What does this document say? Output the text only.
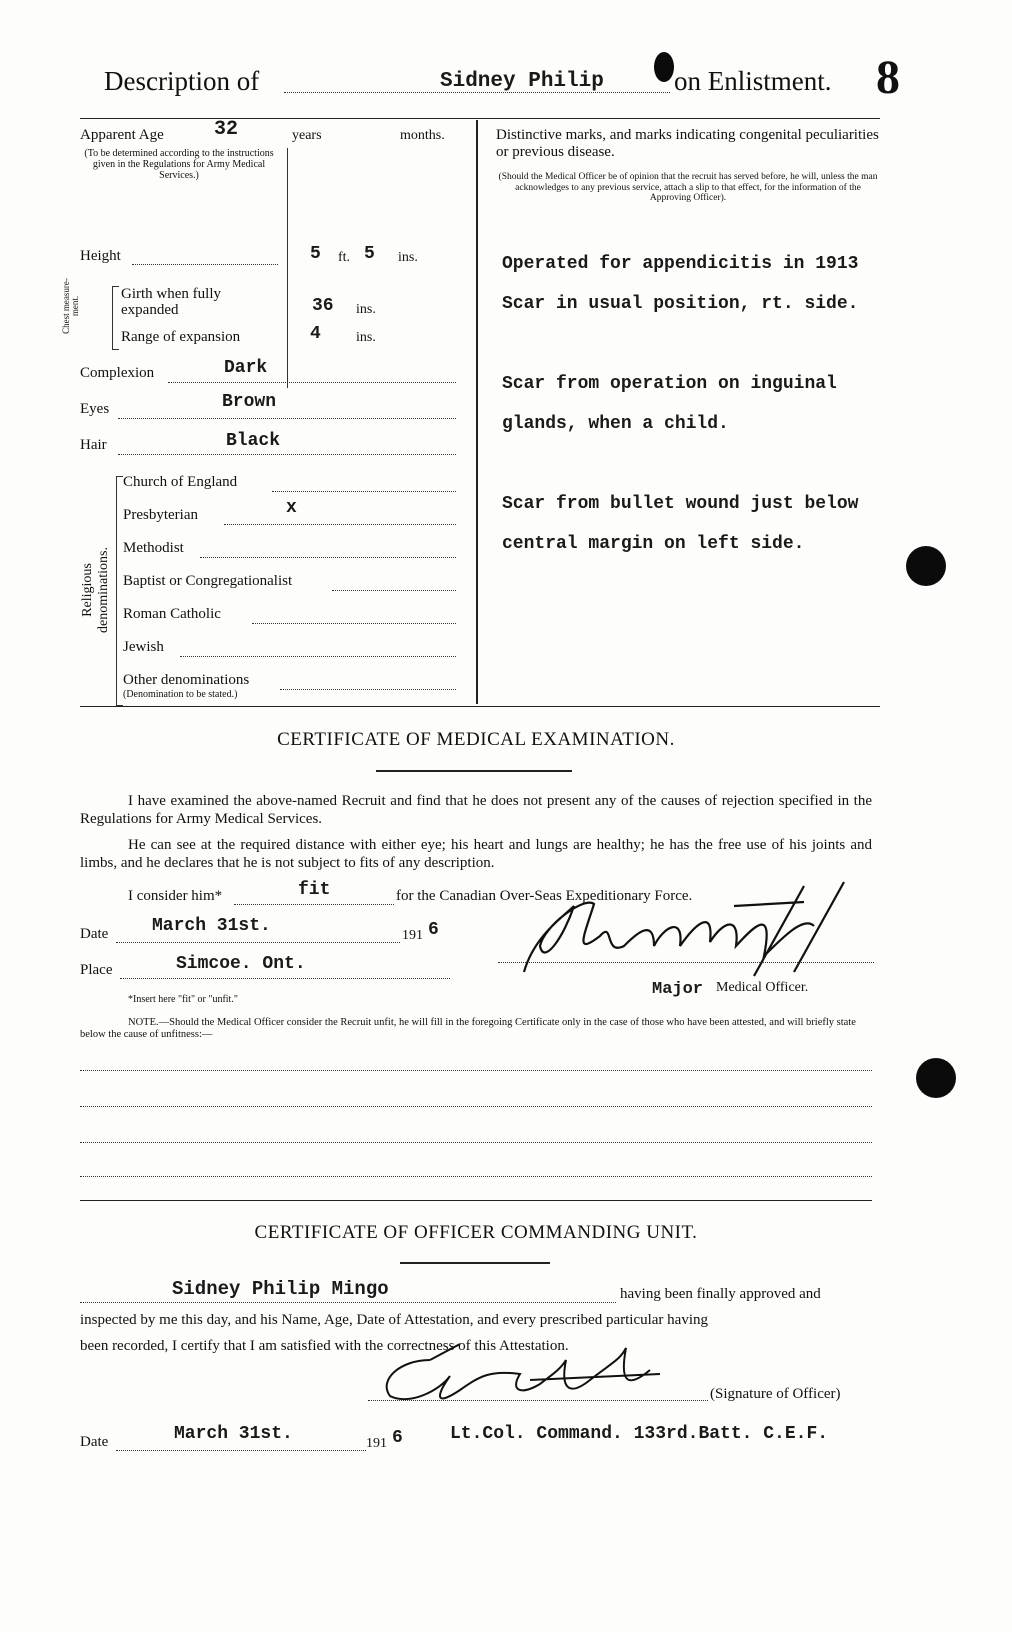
Description of	Sidney Philip	on Enlistment. 8
Apparent Age	32	years	months.
(To be determined according to the instructions given in the Regulations for Army Medical Services.)
Height	5 ft. 5 ins.
Chest measure-ment.
Girth when fully expanded	36 ins.
Range of expansion	4	ins.
Complexion	Dark
Eyes	Brown
Hair	Black
Religious denominations.
Church of England
Presbyterian	x
Methodist
Baptist or Congregationalist
Roman Catholic
Jewish
Other denominations
(Denomination to be stated.)
Distinctive marks, and marks indicating congenital peculiarities or previous disease.
(Should the Medical Officer be of opinion that the recruit has served before, he will, unless the man acknowledges to any previous service, attach a slip to that effect, for the information of the Approving Officer).
Operated for appendicitis in 1913
Scar in usual position, rt. side.
Scar from operation on inguinal
glands, when a child.
Scar from bullet wound just below
central margin on left side.
CERTIFICATE OF MEDICAL EXAMINATION.
I have examined the above-named Recruit and find that he does not present any of the causes of rejection specified in the Regulations for Army Medical Services.
He can see at the required distance with either eye; his heart and lungs are healthy; he has the free use of his joints and limbs, and he declares that he is not subject to fits of any description.
I consider him*	fit	for the Canadian Over-Seas Expeditionary Force.
Date March 31st.	191 6
Place	Simcoe. Ont.
Major Medical Officer.
*Insert here "fit" or "unfit."
NOTE.—Should the Medical Officer consider the Recruit unfit, he will fill in the foregoing Certificate only in the case of those who have been attested, and will briefly state below the cause of unfitness:—
CERTIFICATE OF OFFICER COMMANDING UNIT.
Sidney Philip Mingo	having been finally approved and
inspected by me this day, and his Name, Age, Date of Attestation, and every prescribed particular having
been recorded, I certify that I am satisfied with the correctness of this Attestation.
(Signature of Officer)
Date	March 31st.	191 6	Lt.Col. Command. 133rd.Batt. C.E.F.
